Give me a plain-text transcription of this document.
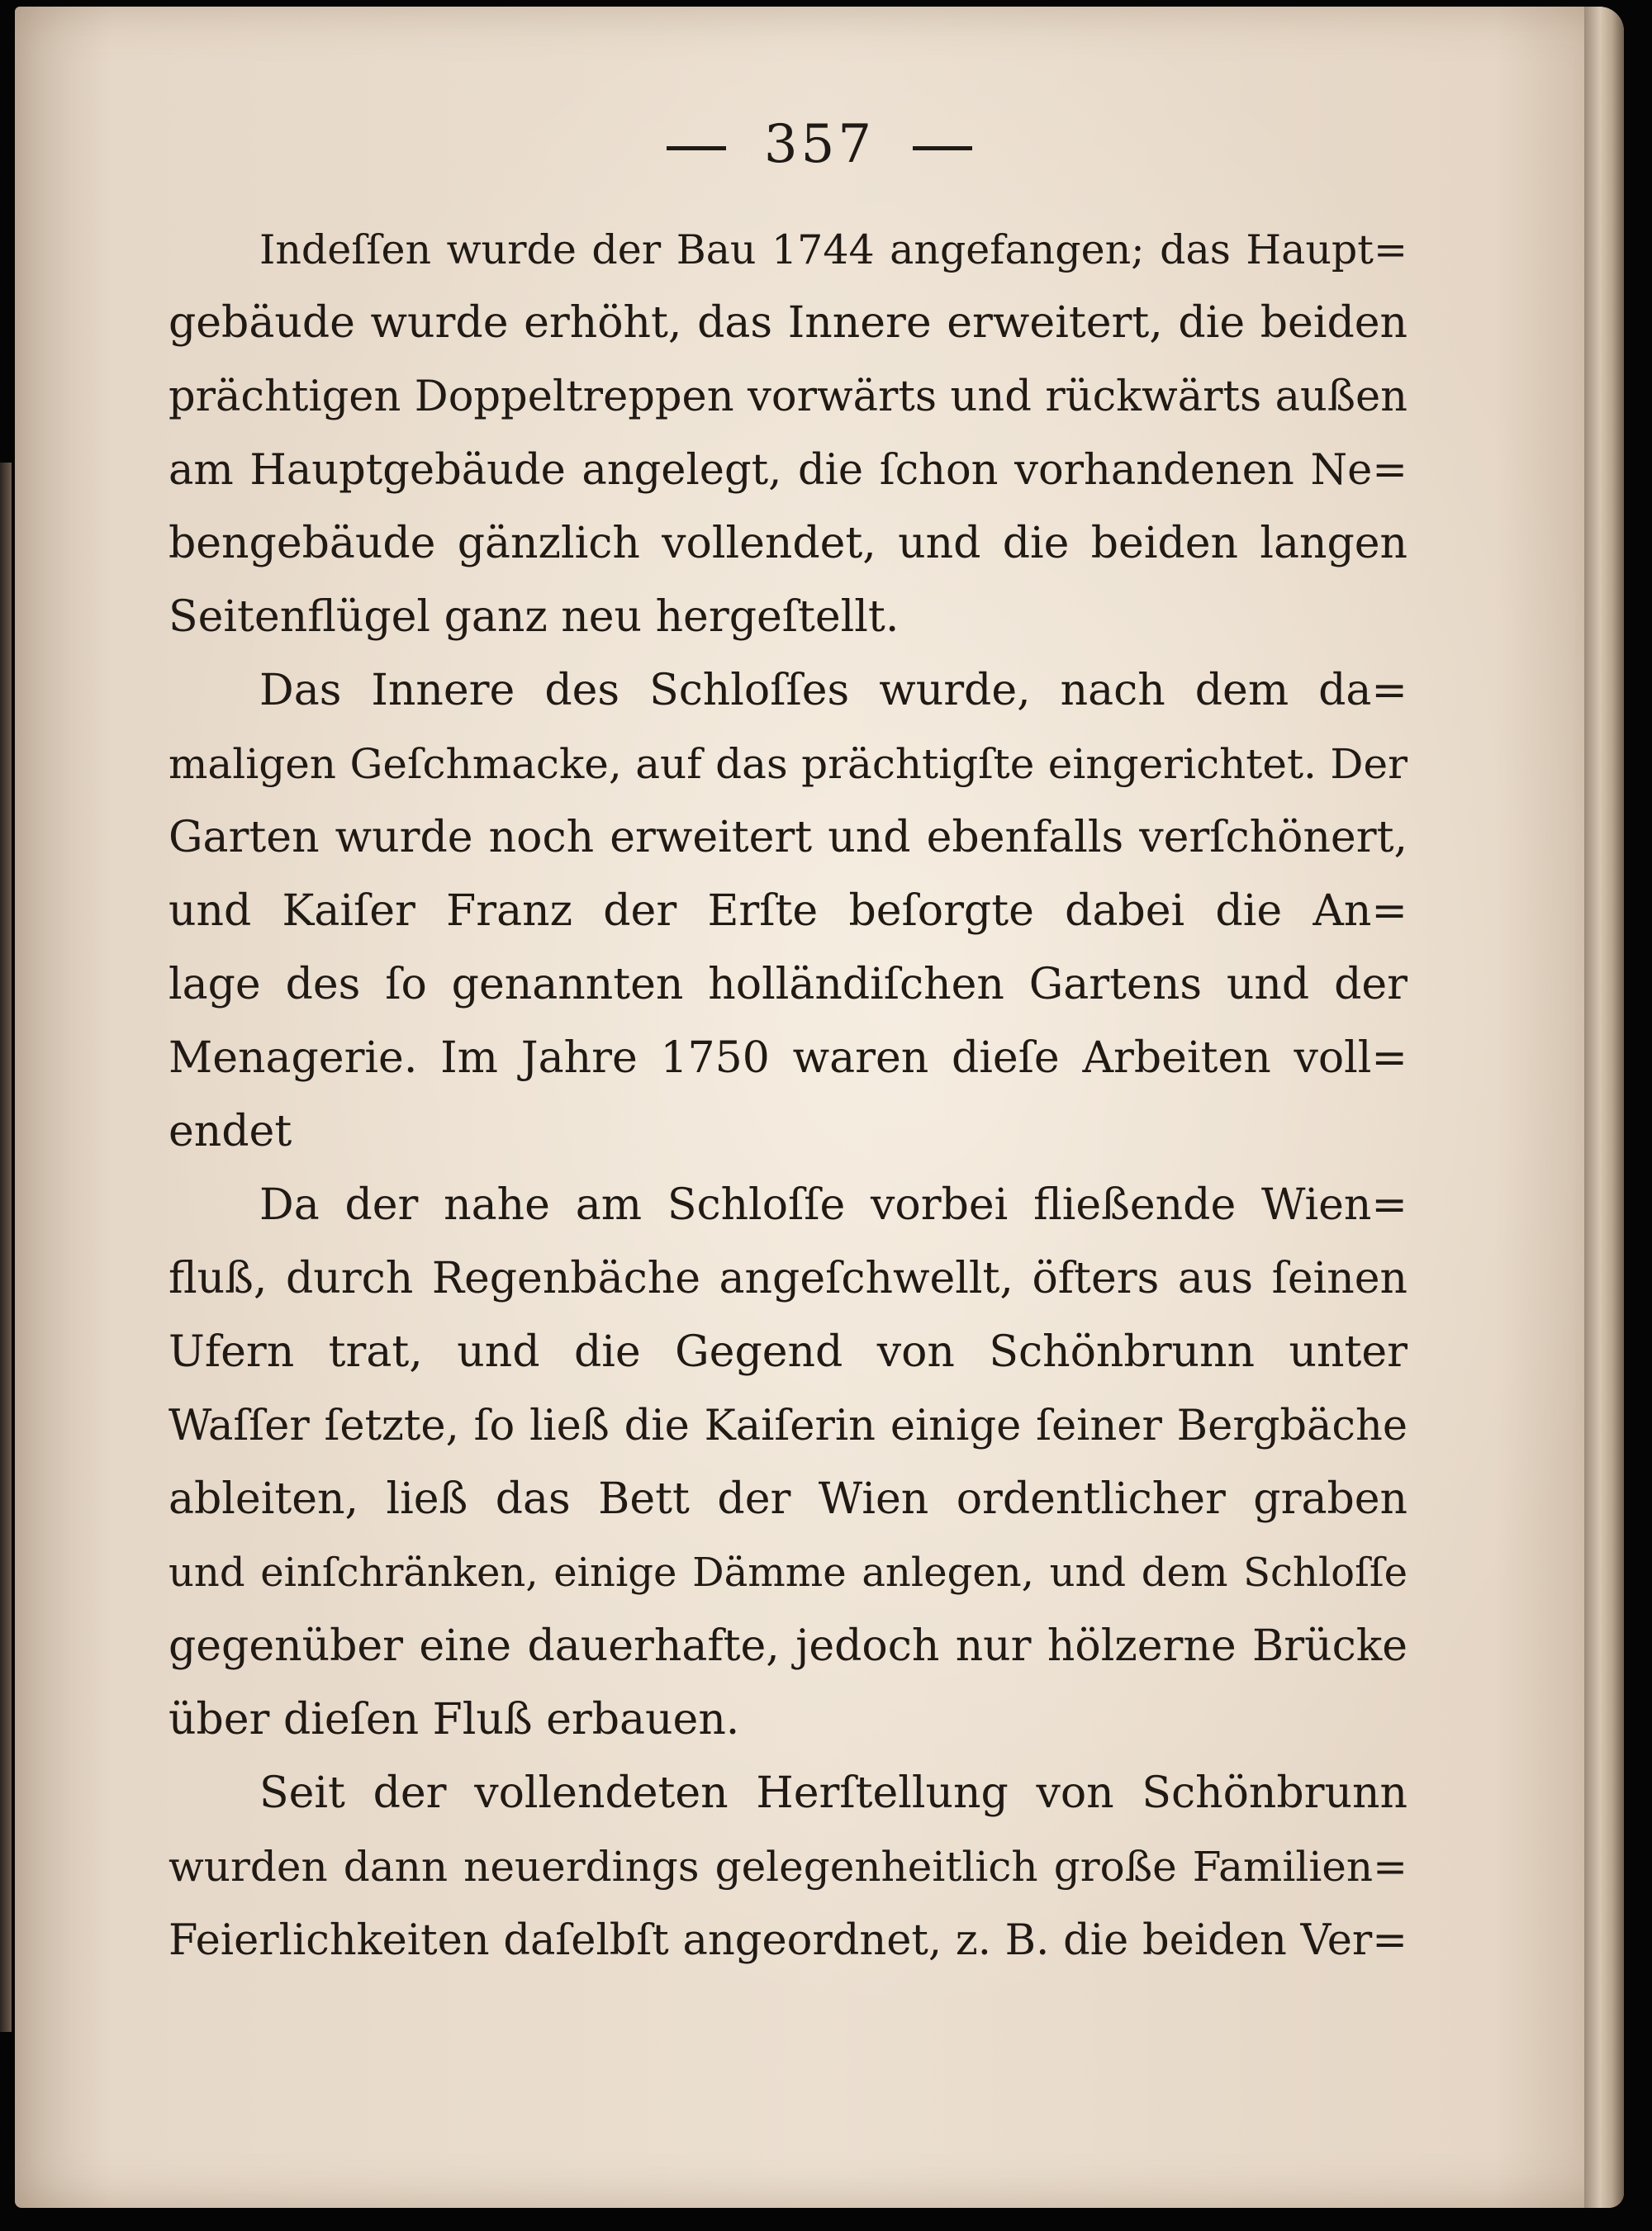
357

Indeſſen wurde der Bau 1744 angefangen; das Haupt=
gebäude wurde erhöht, das Innere erweitert, die beiden
prächtigen Doppeltreppen vorwärts und rückwärts außen
am Hauptgebäude angelegt, die ſchon vorhandenen Ne=
bengebäude gänzlich vollendet, und die beiden langen
Seitenflügel ganz neu hergeſtellt.

Das Innere des Schloſſes wurde, nach dem da=
maligen Geſchmacke, auf das prächtigſte eingerichtet. Der
Garten wurde noch erweitert und ebenfalls verſchönert,
und Kaiſer Franz der Erſte beſorgte dabei die An=
lage des ſo genannten holländiſchen Gartens und der
Menagerie. Im Jahre 1750 waren dieſe Arbeiten voll=
endet

Da der nahe am Schloſſe vorbei fließende Wien=
fluß, durch Regenbäche angeſchwellt, öfters aus ſeinen
Ufern trat, und die Gegend von Schönbrunn unter
Waſſer ſetzte, ſo ließ die Kaiſerin einige ſeiner Bergbäche
ableiten, ließ das Bett der Wien ordentlicher graben
und einſchränken, einige Dämme anlegen, und dem Schloſſe
gegenüber eine dauerhafte, jedoch nur hölzerne Brücke
über dieſen Fluß erbauen.

Seit der vollendeten Herſtellung von Schönbrunn
wurden dann neuerdings gelegenheitlich große Familien=
Feierlichkeiten daſelbſt angeordnet, z. B. die beiden Ver=
